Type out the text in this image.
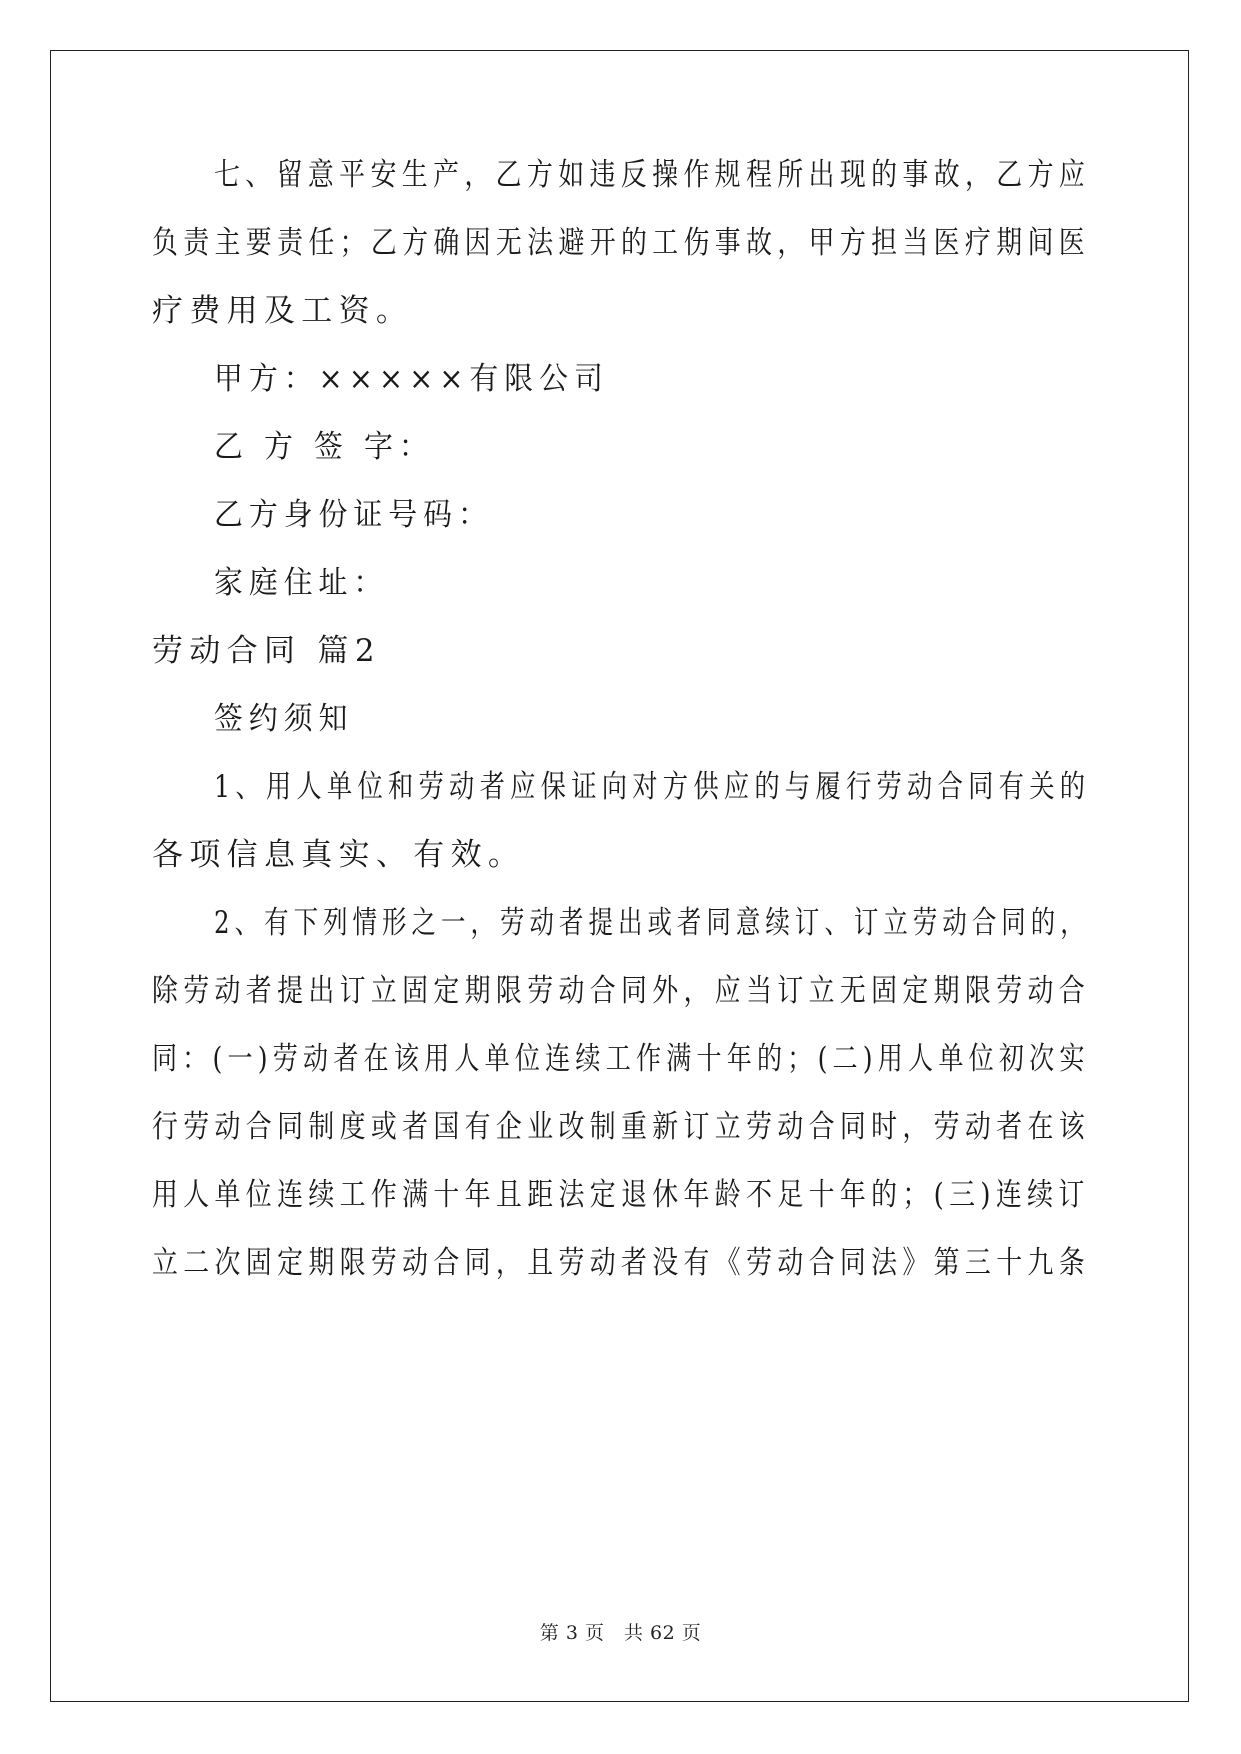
七、留意平安生产，乙方如违反操作规程所出现的事故，乙方应
负责主要责任；乙方确因无法避开的工伤事故，甲方担当医疗期间医
疗费用及工资。
甲方：×××××有限公司
乙 方 签 字：
乙方身份证号码：
家庭住址：
劳动合同 篇2
签约须知
1、用人单位和劳动者应保证向对方供应的与履行劳动合同有关的
各项信息真实、有效。
2、有下列情形之一，劳动者提出或者同意续订、订立劳动合同的，
除劳动者提出订立固定期限劳动合同外，应当订立无固定期限劳动合
同：(一)劳动者在该用人单位连续工作满十年的；(二)用人单位初次实
行劳动合同制度或者国有企业改制重新订立劳动合同时，劳动者在该
用人单位连续工作满十年且距法定退休年龄不足十年的；(三)连续订
立二次固定期限劳动合同，且劳动者没有《劳动合同法》第三十九条
第 3 页　共 62 页
